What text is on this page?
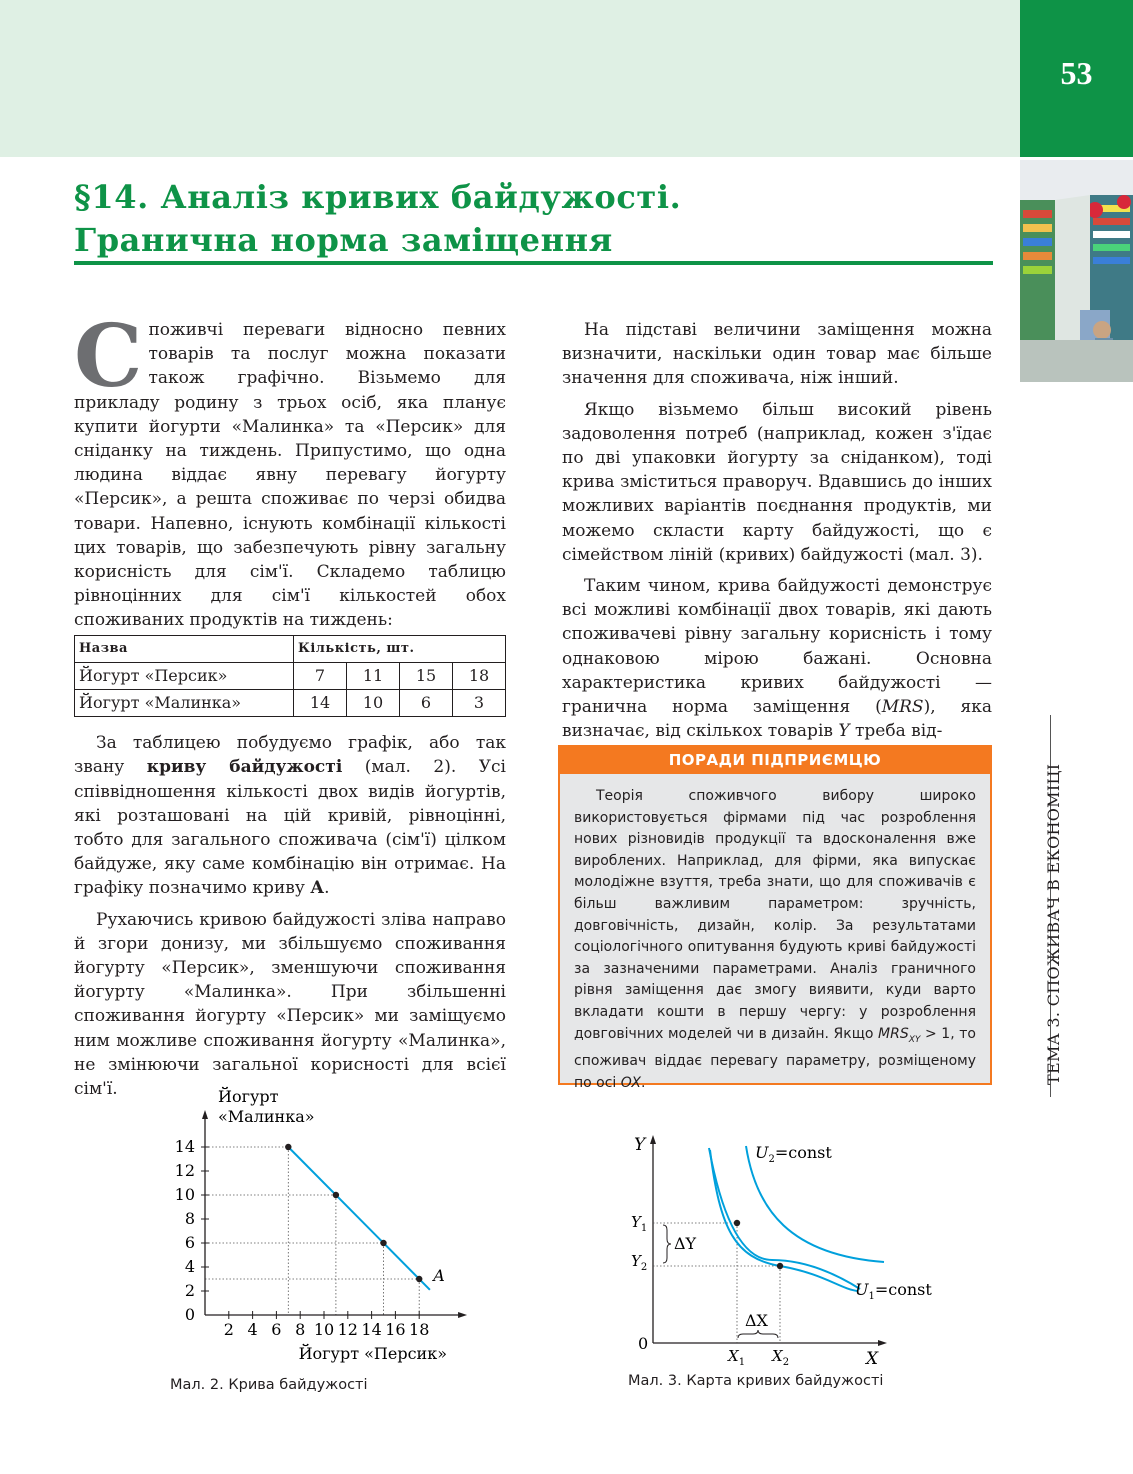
53
ТЕМА 3. СПОЖИВАЧ В ЕКОНОМІЦІ
§14. Аналіз кривих байдужості.
Гранична норма заміщення

Споживчі переваги відносно певних товарів та послуг можна показати також графічно. Візьмемо для прикладу родину з трьох осіб, яка планує купити йогурти «Малинка» та «Персик» для сніданку на тиждень. Припустимо, що одна людина віддає явну перевагу йогурту «Персик», а решта споживає по черзі обидва товари. Напевно, існують комбінації кількості цих товарів, що забезпечують рівну загальну корисність для сім'ї. Складемо таблицю рівноцінних для сім'ї кількостей обох споживаних продуктів на тиждень:

Назва	Кількість, шт.			
Йогурт «Персик»	7	11	15	18
Йогурт «Малинка»	14	10	6	3

За таблицею побудуємо графік, або так звану криву байдужості (мал. 2). Усі співвідношення кількості двох видів йогуртів, які розташовані на цій кривій, рівноцінні, тобто для загального споживача (сім'ї) цілком байдуже, яку саме комбінацію він отримає. На графіку позначимо криву А.

Рухаючись кривою байдужості зліва направо й згори донизу, ми збільшуємо споживання йогурту «Персик», зменшуючи споживання йогурту «Малинка». При збільшенні споживання йогурту «Персик» ми заміщуємо ним можливе споживання йогурту «Малинка», не змінюючи загальної корисності для всієї сім'ї.

На підставі величини заміщення можна визначити, наскільки один товар має більше значення для споживача, ніж інший.

Якщо візьмемо більш високий рівень задоволення потреб (наприклад, кожен з'їдає по дві упаковки йогурту за сніданком), тоді крива зміститься праворуч. Вдавшись до інших можливих варіантів поєднання продуктів, ми можемо скласти карту байдужості, що є сімейством ліній (кривих) байдужості (мал. 3).

Таким чином, крива байдужості демонструє всі можливі комбінації двох товарів, які дають споживачеві рівну загальну корисність і тому однаковою мірою бажані. Основна характеристика кривих байдужості — гранична норма заміщення (MRS), яка визначає, від скількох товарів Y треба від-

ПОРАДИ ПІДПРИЄМЦЮ
Теорія споживчого вибору широко використовується фірмами під час розроблення нових різновидів продукції та вдосконалення вже вироблених. Наприклад, для фірми, яка випускає молодіжне взуття, треба знати, що для споживачів є більш важливим параметром: зручність, довговічність, дизайн, колір. За результатами соціологічного опитування будують криві байдужості за зазначеними параметрами. Аналіз граничного рівня заміщення дає змогу виявити, куди варто вкладати кошти в першу чергу: у розроблення довговічних моделей чи в дизайн. Якщо $MRS_{XY} > 1$, то споживач віддає перевагу параметру, розміщеному по осі OX.
2 4 6 8 10 12 14 16 18
0
2
4
6
8
10
12
14
Йогурт
«Малинка»
Йогурт «Персик»
A
Мал. 2. Крива байдужості
Y
X
0
ΔY
ΔX
$Y_1$
$Y_2$
$X_1$ $X_2$
$U_2=const$
$U_1=const$
Мал. 3. Карта кривих байдужості
